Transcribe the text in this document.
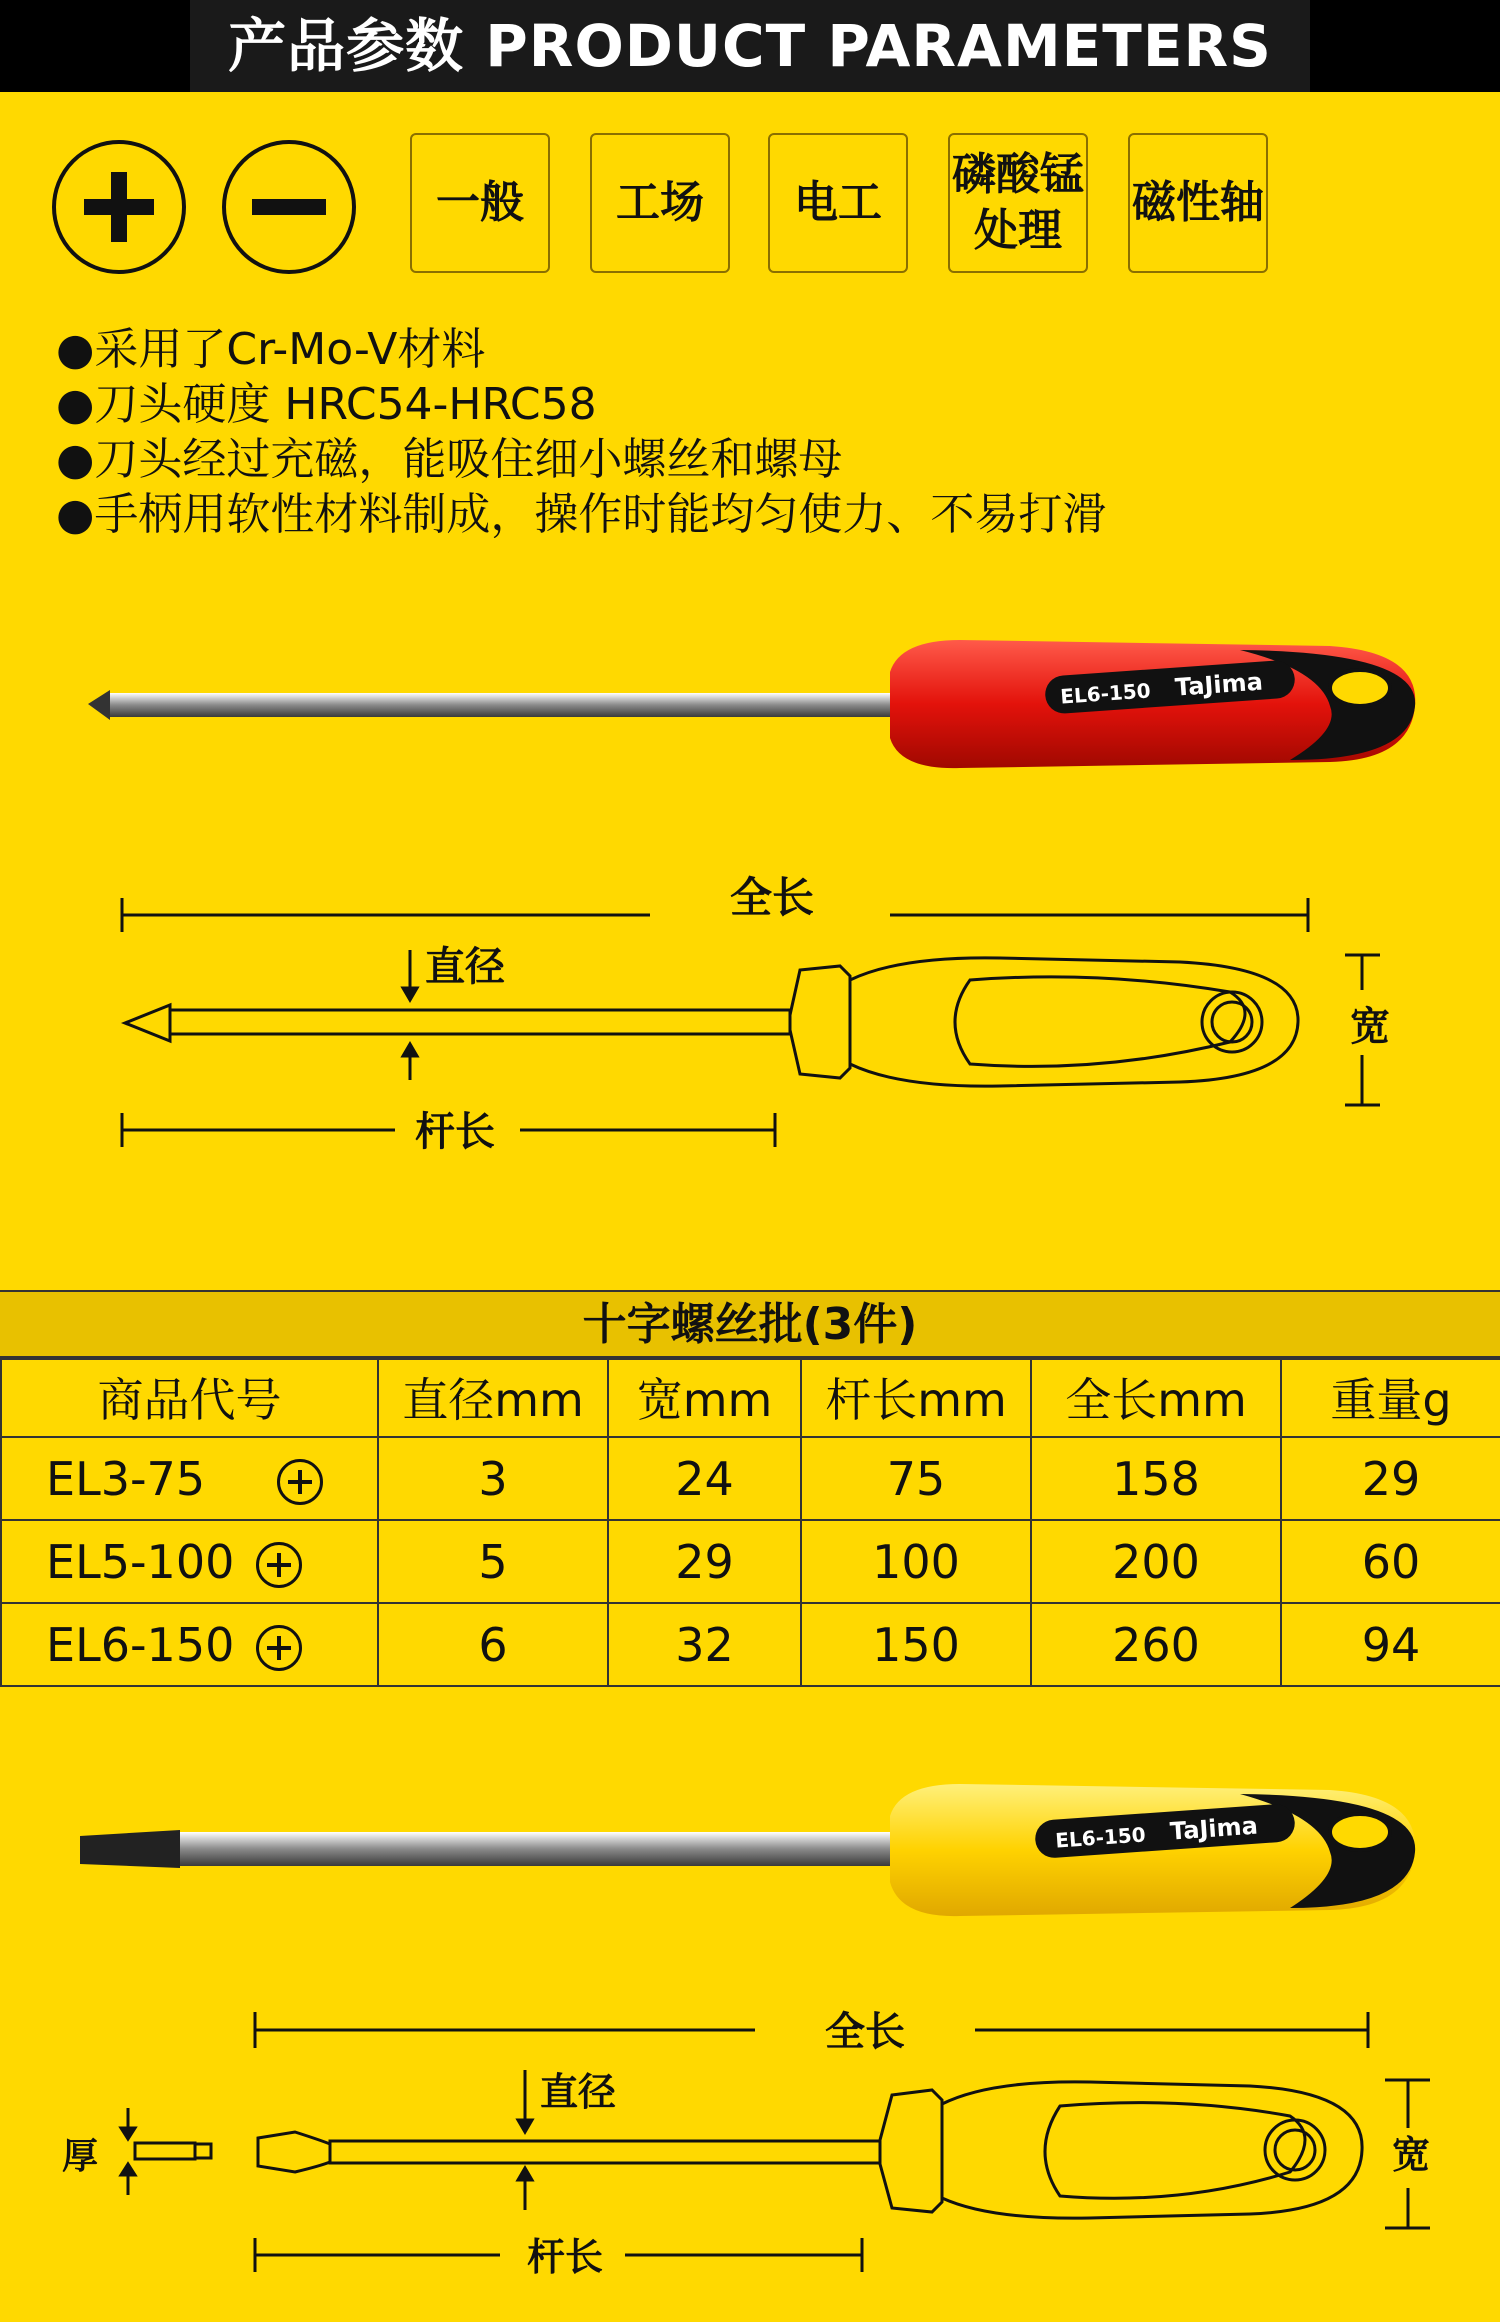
产品参数 PRODUCT PARAMETERS
一般	工场	电工
磷酸锰
处理
磁性轴
●采用了Cr-Mo-V材料
●刀头硬度 HRC54-HRC58
●刀头经过充磁，能吸住细小螺丝和螺母
●手柄用软性材料制成，操作时能均匀使力、不易打滑
EL6-150 TaJima
全长
直径
杆长
宽
十字螺丝批(3件)
商品代号	直径mm	宽mm	杆长mm	全长mm	重量g
EL3-75	3	24	75	158	29
EL5-100	5	29	100	200	60
EL6-150	6	32	150	260	94
EL6-150 TaJima
全长
直径
杆长
宽
厚
